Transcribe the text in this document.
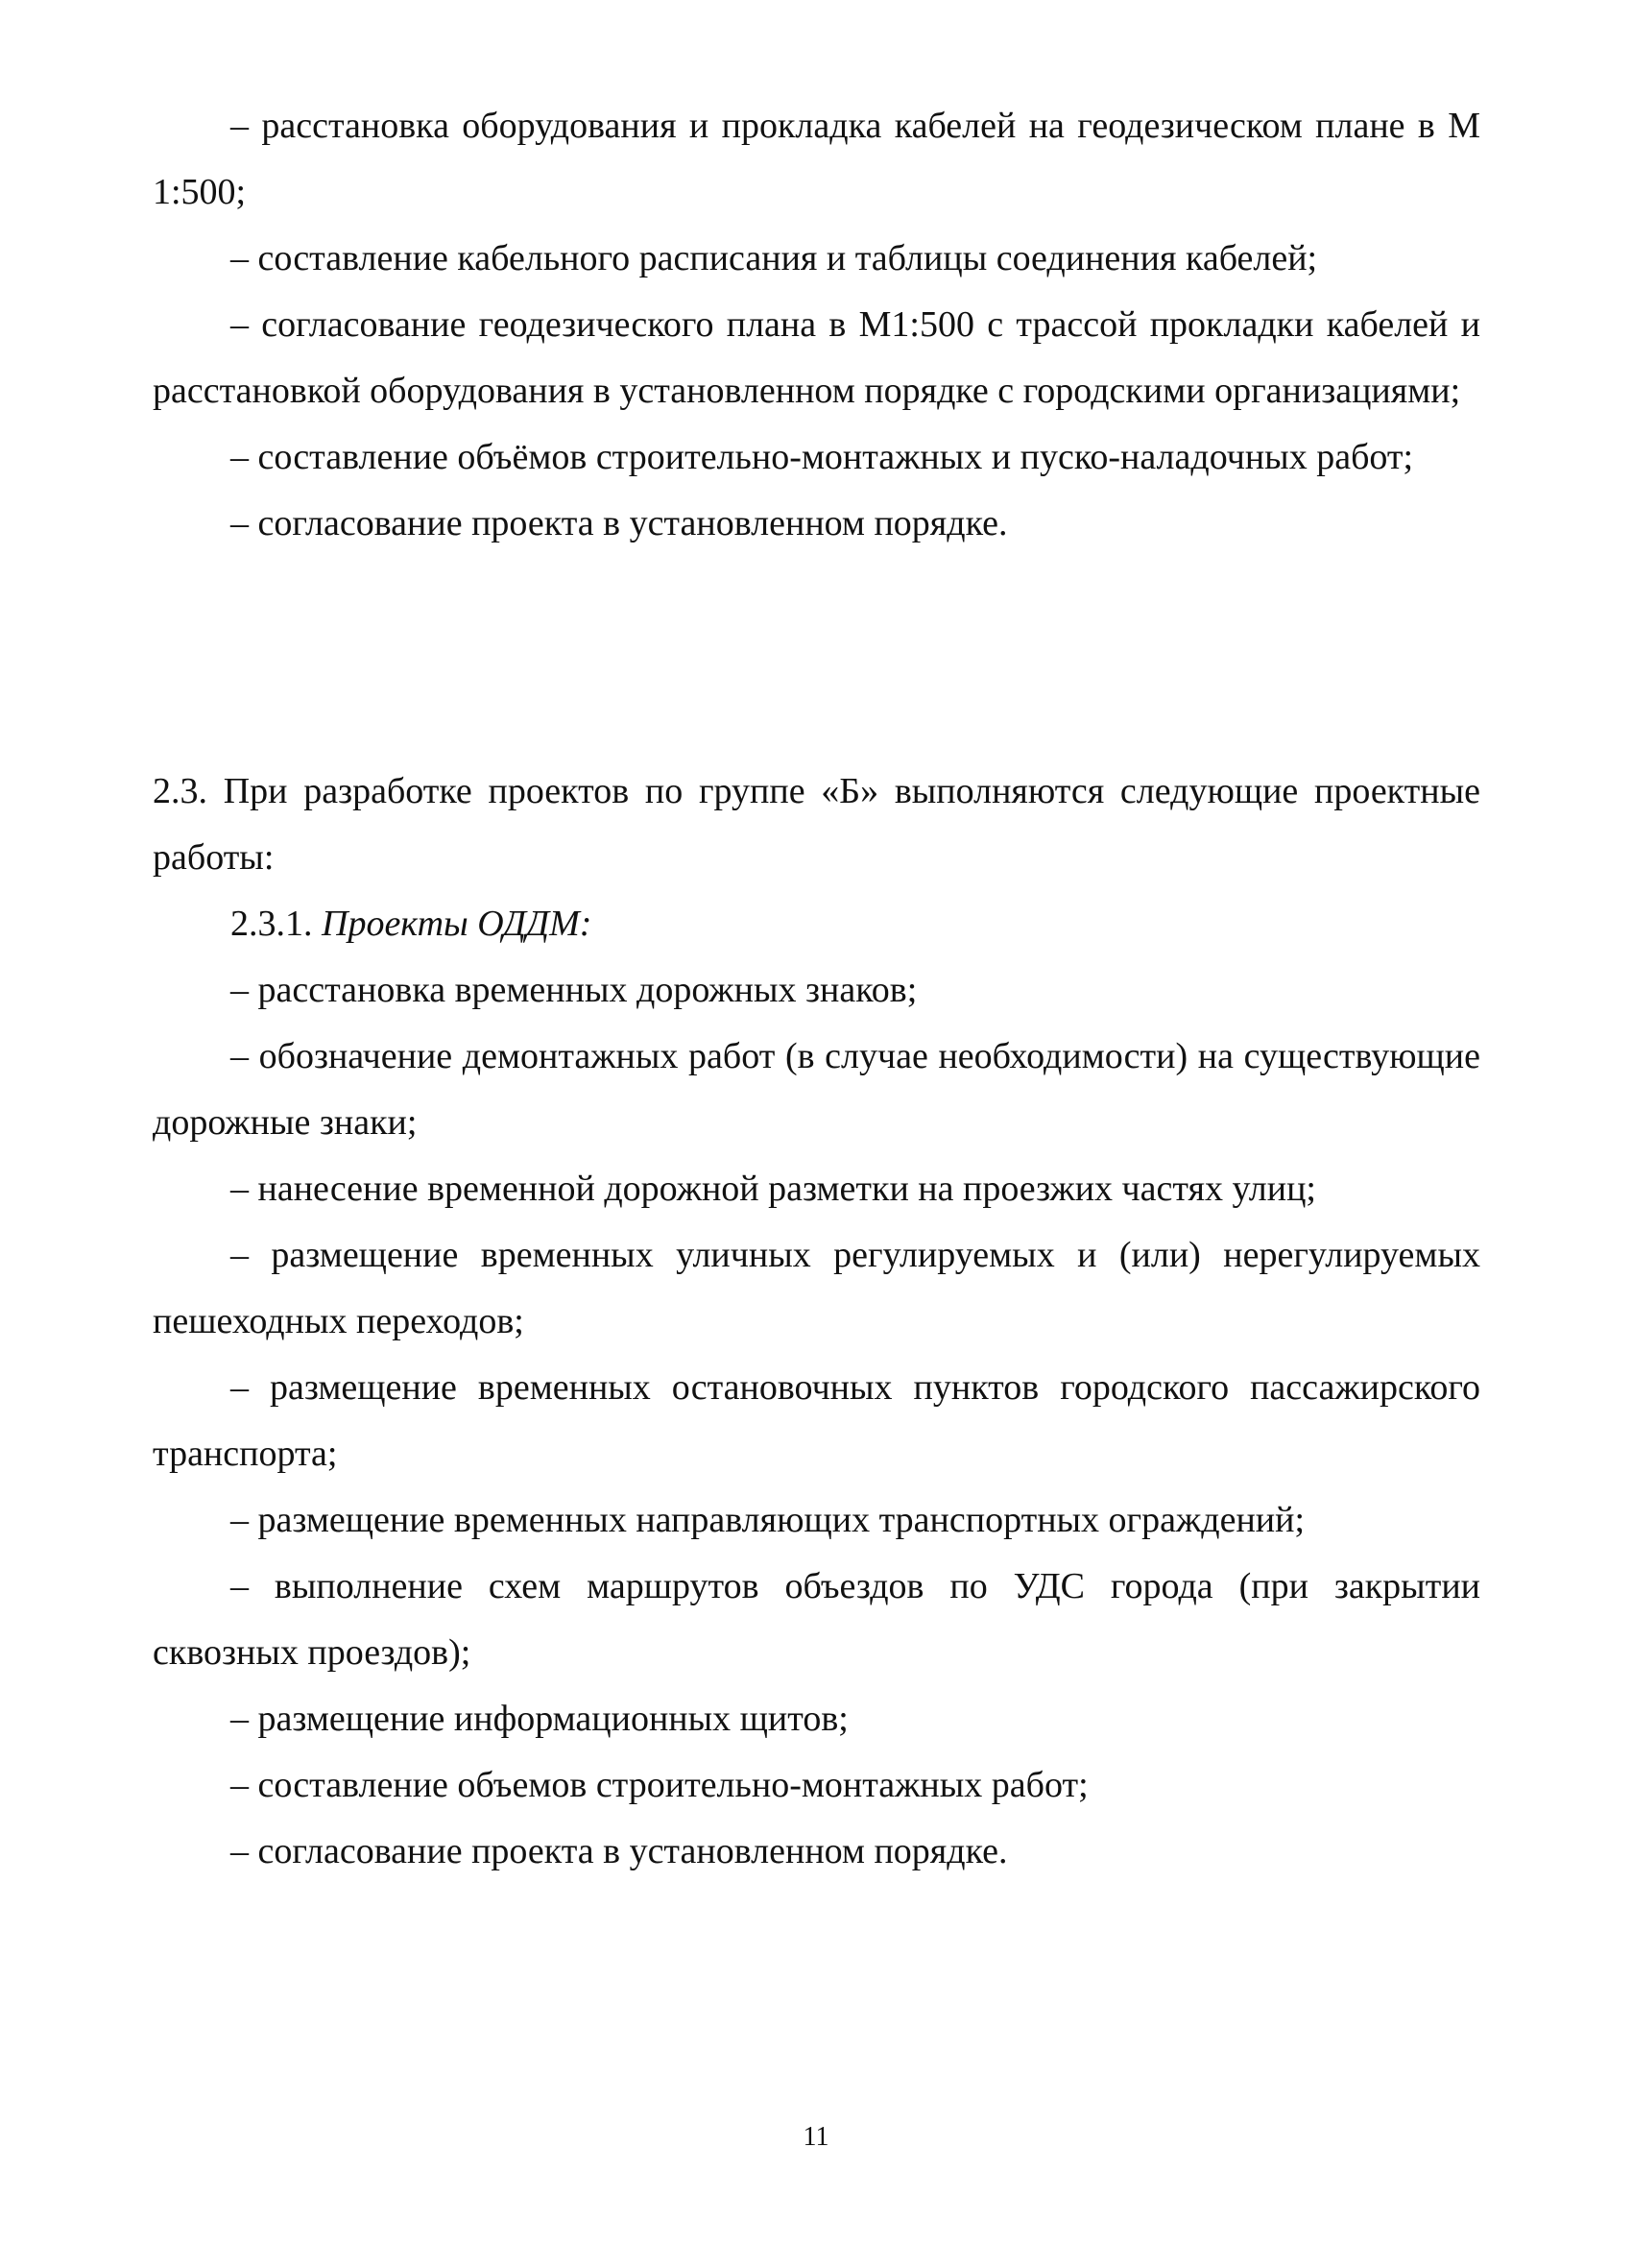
– расстановка оборудования и прокладка кабелей на геодезическом плане в М 1:500;

– составление кабельного расписания и таблицы соединения кабелей;

– согласование геодезического плана в М1:500 с трассой прокладки кабелей и расстановкой оборудования в установленном порядке с городскими организациями;

– составление объёмов строительно-монтажных и пуско-наладочных работ;

– согласование проекта в установленном порядке.

2.3. При разработке проектов по группе «Б» выполняются следующие проектные работы:

2.3.1. Проекты ОДДМ:

– расстановка временных дорожных знаков;

– обозначение демонтажных работ (в случае необходимости) на существующие дорожные знаки;

– нанесение временной дорожной разметки на проезжих частях улиц;

– размещение временных уличных регулируемых и (или) нерегулируемых пешеходных переходов;

– размещение временных остановочных пунктов городского пассажирского транспорта;

– размещение временных направляющих транспортных ограждений;

– выполнение схем маршрутов объездов по УДС города (при закрытии сквозных проездов);

– размещение информационных щитов;

– составление объемов строительно-монтажных работ;

– согласование проекта в установленном порядке.

11
